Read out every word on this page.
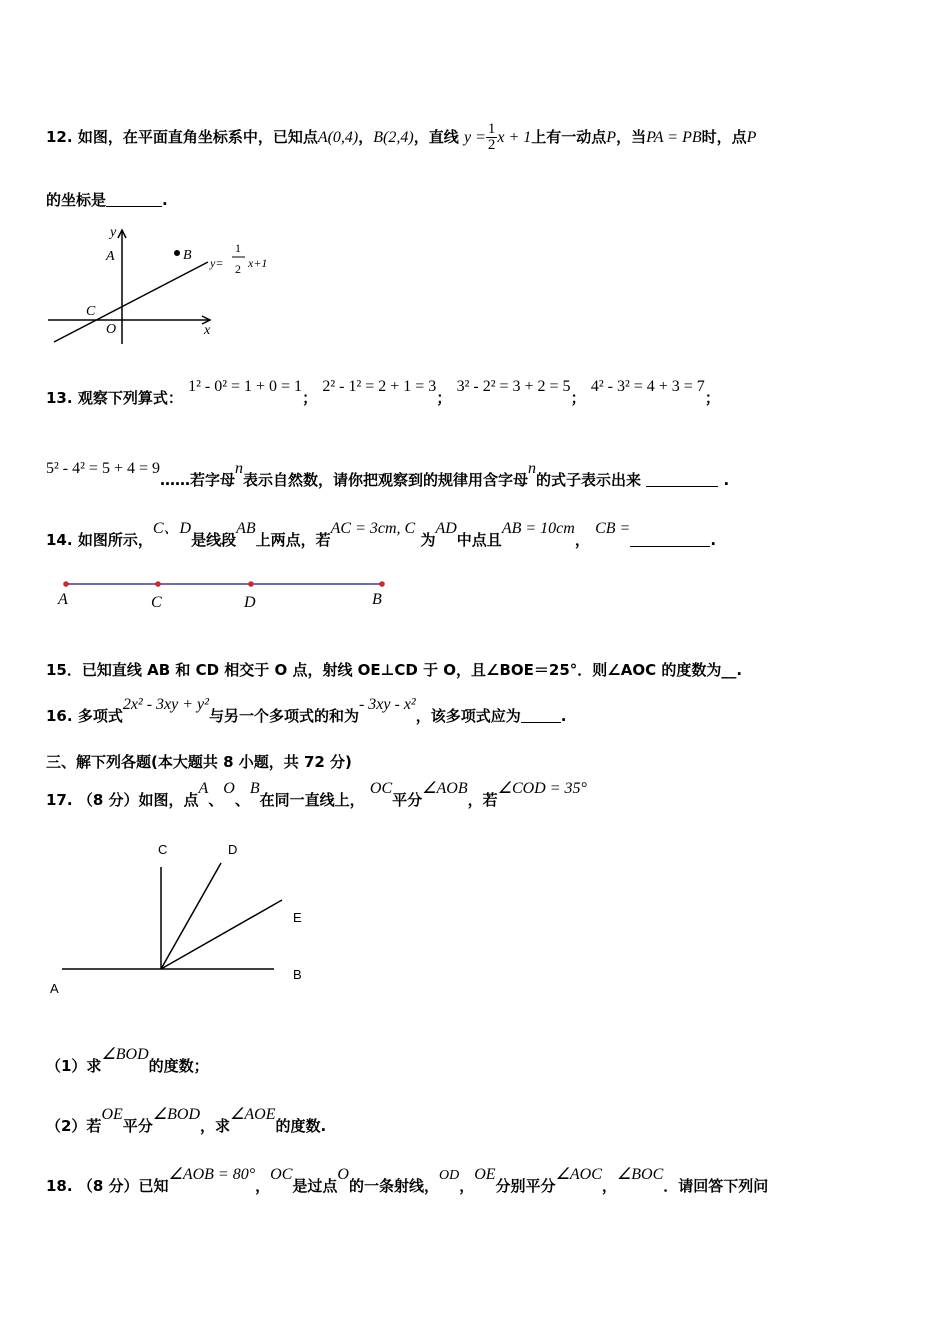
12. 如图，在平面直角坐标系中，已知点A(0,4)，B(2,4)，直线 $y = \frac{1}{2}$ x + 1上有一动点P，当PA = PB时，点P
的坐标是	.
y
A	B
C
O	x
y=
1
2 x+1
13. 观察下列算式： 1² - 0² = 1 + 0 = 1； 2² - 1² = 2 + 1 = 3； 3² - 2² = 3 + 2 = 5； 4² - 3² = 4 + 3 = 7；
5² - 4² = 5 + 4 = 9……若字母n表示自然数，请你把观察到的规律用含字母n的式子表示出来	.
14. 如图所示，C、D是线段AB上两点，若AC = 3cm, C 为AD中点且AB = 10cm， CB =.
A	C	D	B
15．已知直线 AB 和 CD 相交于 O 点，射线 OE⊥CD 于 O，且∠BOE＝25°．则∠AOC 的度数为__.
16. 多项式2x² - 3xy + y²与另一个多项式的和为- 3xy - x²，该多项式应为	.
三、解下列各题(本大题共 8 小题，共 72 分)
17. （8 分）如图，点A、O、B在同一直线上， OC平分∠AOB，若∠COD = 35°
C	D
E
A
B
（1）求∠BOD的度数；
（2）若OE平分∠BOD，求∠AOE的度数.
18. （8 分）已知∠AOB = 80°，OC是过点O的一条射线，OD，OE分别平分∠AOC，∠BOC．请回答下列问
